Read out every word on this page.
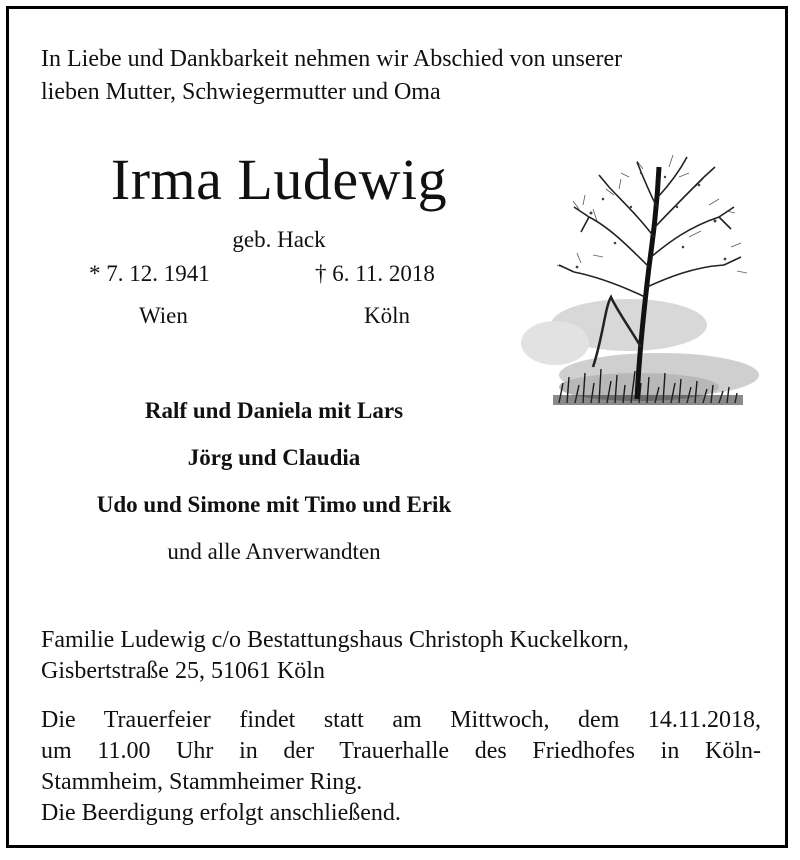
In Liebe und Dankbarkeit nehmen wir Abschied von unserer
lieben Mutter, Schwiegermutter und Oma
Irma Ludewig
geb. Hack
* 7. 12. 1941	† 6. 11. 2018
Wien	Köln
Ralf und Daniela mit Lars
Jörg und Claudia
Udo und Simone mit Timo und Erik
und alle Anverwandten
Familie Ludewig c/o Bestattungshaus Christoph Kuckelkorn,
Gisbertstraße 25, 51061 Köln
Die Trauerfeier findet statt am Mittwoch, dem 14.11.2018,
um 11.00 Uhr in der Trauerhalle des Friedhofes in Köln-
Stammheim, Stammheimer Ring.
Die Beerdigung erfolgt anschließend.
